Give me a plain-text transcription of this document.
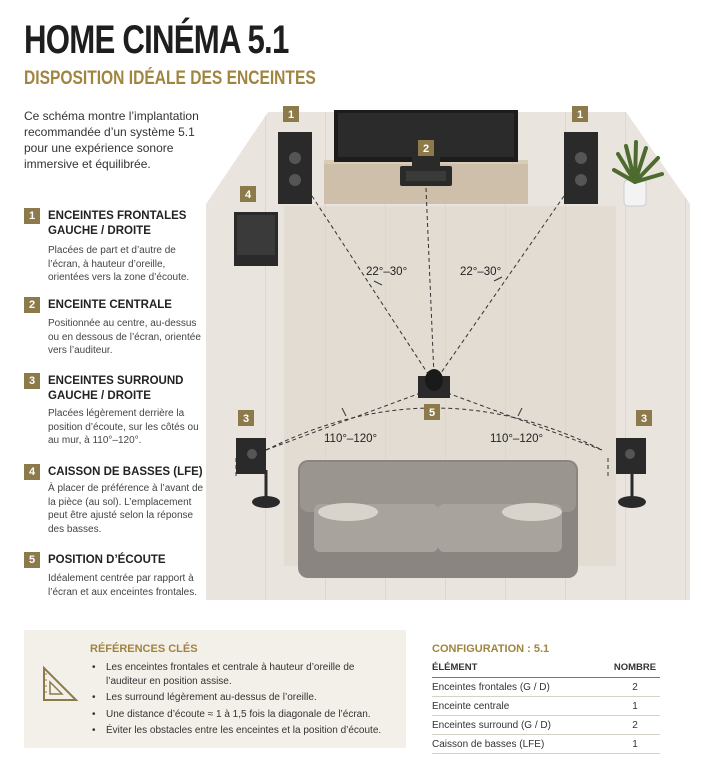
HOME CINÉMA 5.1
DISPOSITION IDÉALE DES ENCEINTES
Ce schéma montre l’implantation recommandée d’un système 5.1 pour une expérience sonore immersive et équilibrée.
1	ENCEINTES FRONTALES GAUCHE / DROITE
Placées de part et d’autre de l’écran, à hauteur d’oreille, orientées vers la zone d’écoute.
2	ENCEINTE CENTRALE
Positionnée au centre, au-dessus ou en dessous de l’écran, orientée vers l’auditeur.
3	ENCEINTES SURROUND GAUCHE / DROITE
Placées légèrement derrière la position d’écoute, sur les côtés ou au mur, à 110°–120°.
4	CAISSON DE BASSES (LFE)
À placer de préférence à l’avant de la pièce (au sol). L’emplacement peut être ajusté selon la réponse des basses.
5	POSITION D’ÉCOUTE
Idéalement centrée par rapport à l’écran et aux enceintes frontales.
22°–30°	22°–30°
110°–120°	110°–120°
1	1
2
4
3	3
5
RÉFÉRENCES CLÉS
• Les enceintes frontales et centrale à hauteur d’oreille de l’auditeur en position assise.
• Les surround légèrement au-dessus de l’oreille.
• Une distance d’écoute ≈ 1 à 1,5 fois la diagonale de l’écran.
• Éviter les obstacles entre les enceintes et la position d’écoute.
CONFIGURATION : 5.1
ÉLÉMENT	NOMBRE
Enceintes frontales (G / D)	2
Enceinte centrale	1
Enceintes surround (G / D)	2
Caisson de basses (LFE)	1
